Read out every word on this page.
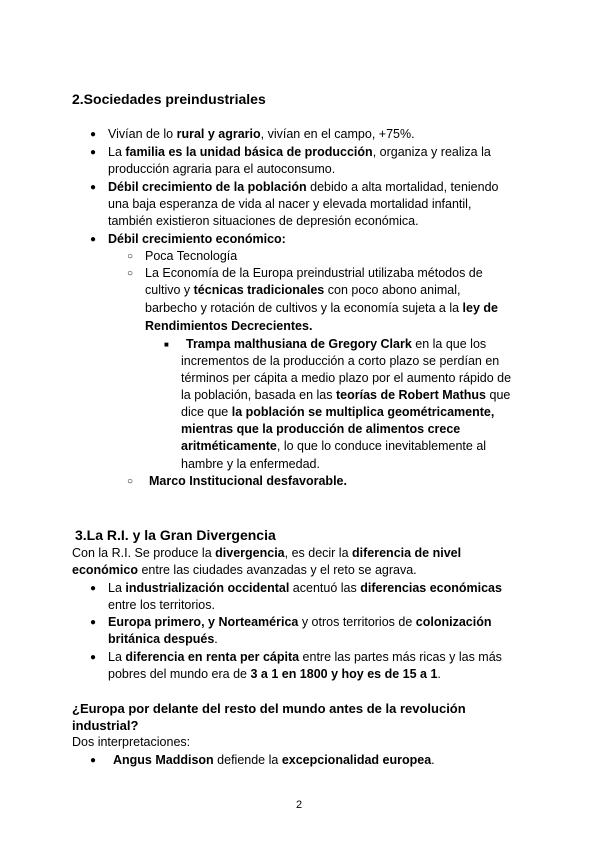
2.Sociedades preindustriales
● Vivían de lo rural y agrario, vivían en el campo, +75%.
● La familia es la unidad básica de producción, organiza y realiza la
producción agraria para el autoconsumo.
● Débil crecimiento de la población debido a alta mortalidad, teniendo
una baja esperanza de vida al nacer y elevada mortalidad infantil,
también existieron situaciones de depresión económica.
● Débil crecimiento económico:
○ Poca Tecnología
○ La Economía de la Europa preindustrial utilizaba métodos de
cultivo y técnicas tradicionales con poco abono animal,
barbecho y rotación de cultivos y la economía sujeta a la ley de
Rendimientos Decrecientes.
■ Trampa malthusiana de Gregory Clark en la que los
incrementos de la producción a corto plazo se perdían en
términos per cápita a medio plazo por el aumento rápido de
la población, basada en las teorías de Robert Mathus que
dice que la población se multiplica geométricamente,
mientras que la producción de alimentos crece
aritméticamente, lo que lo conduce inevitablemente al
hambre y la enfermedad.
○ Marco Institucional desfavorable.
3.La R.I. y la Gran Divergencia
Con la R.I. Se produce la divergencia, es decir la diferencia de nivel
económico entre las ciudades avanzadas y el reto se agrava.
● La industrialización occidental acentuó las diferencias económicas
entre los territorios.
● Europa primero, y Norteamérica y otros territorios de colonización
británica después.
● La diferencia en renta per cápita entre las partes más ricas y las más
pobres del mundo era de 3 a 1 en 1800 y hoy es de 15 a 1.
¿Europa por delante del resto del mundo antes de la revolución
industrial?
Dos interpretaciones:
● Angus Maddison defiende la excepcionalidad europea.
2
